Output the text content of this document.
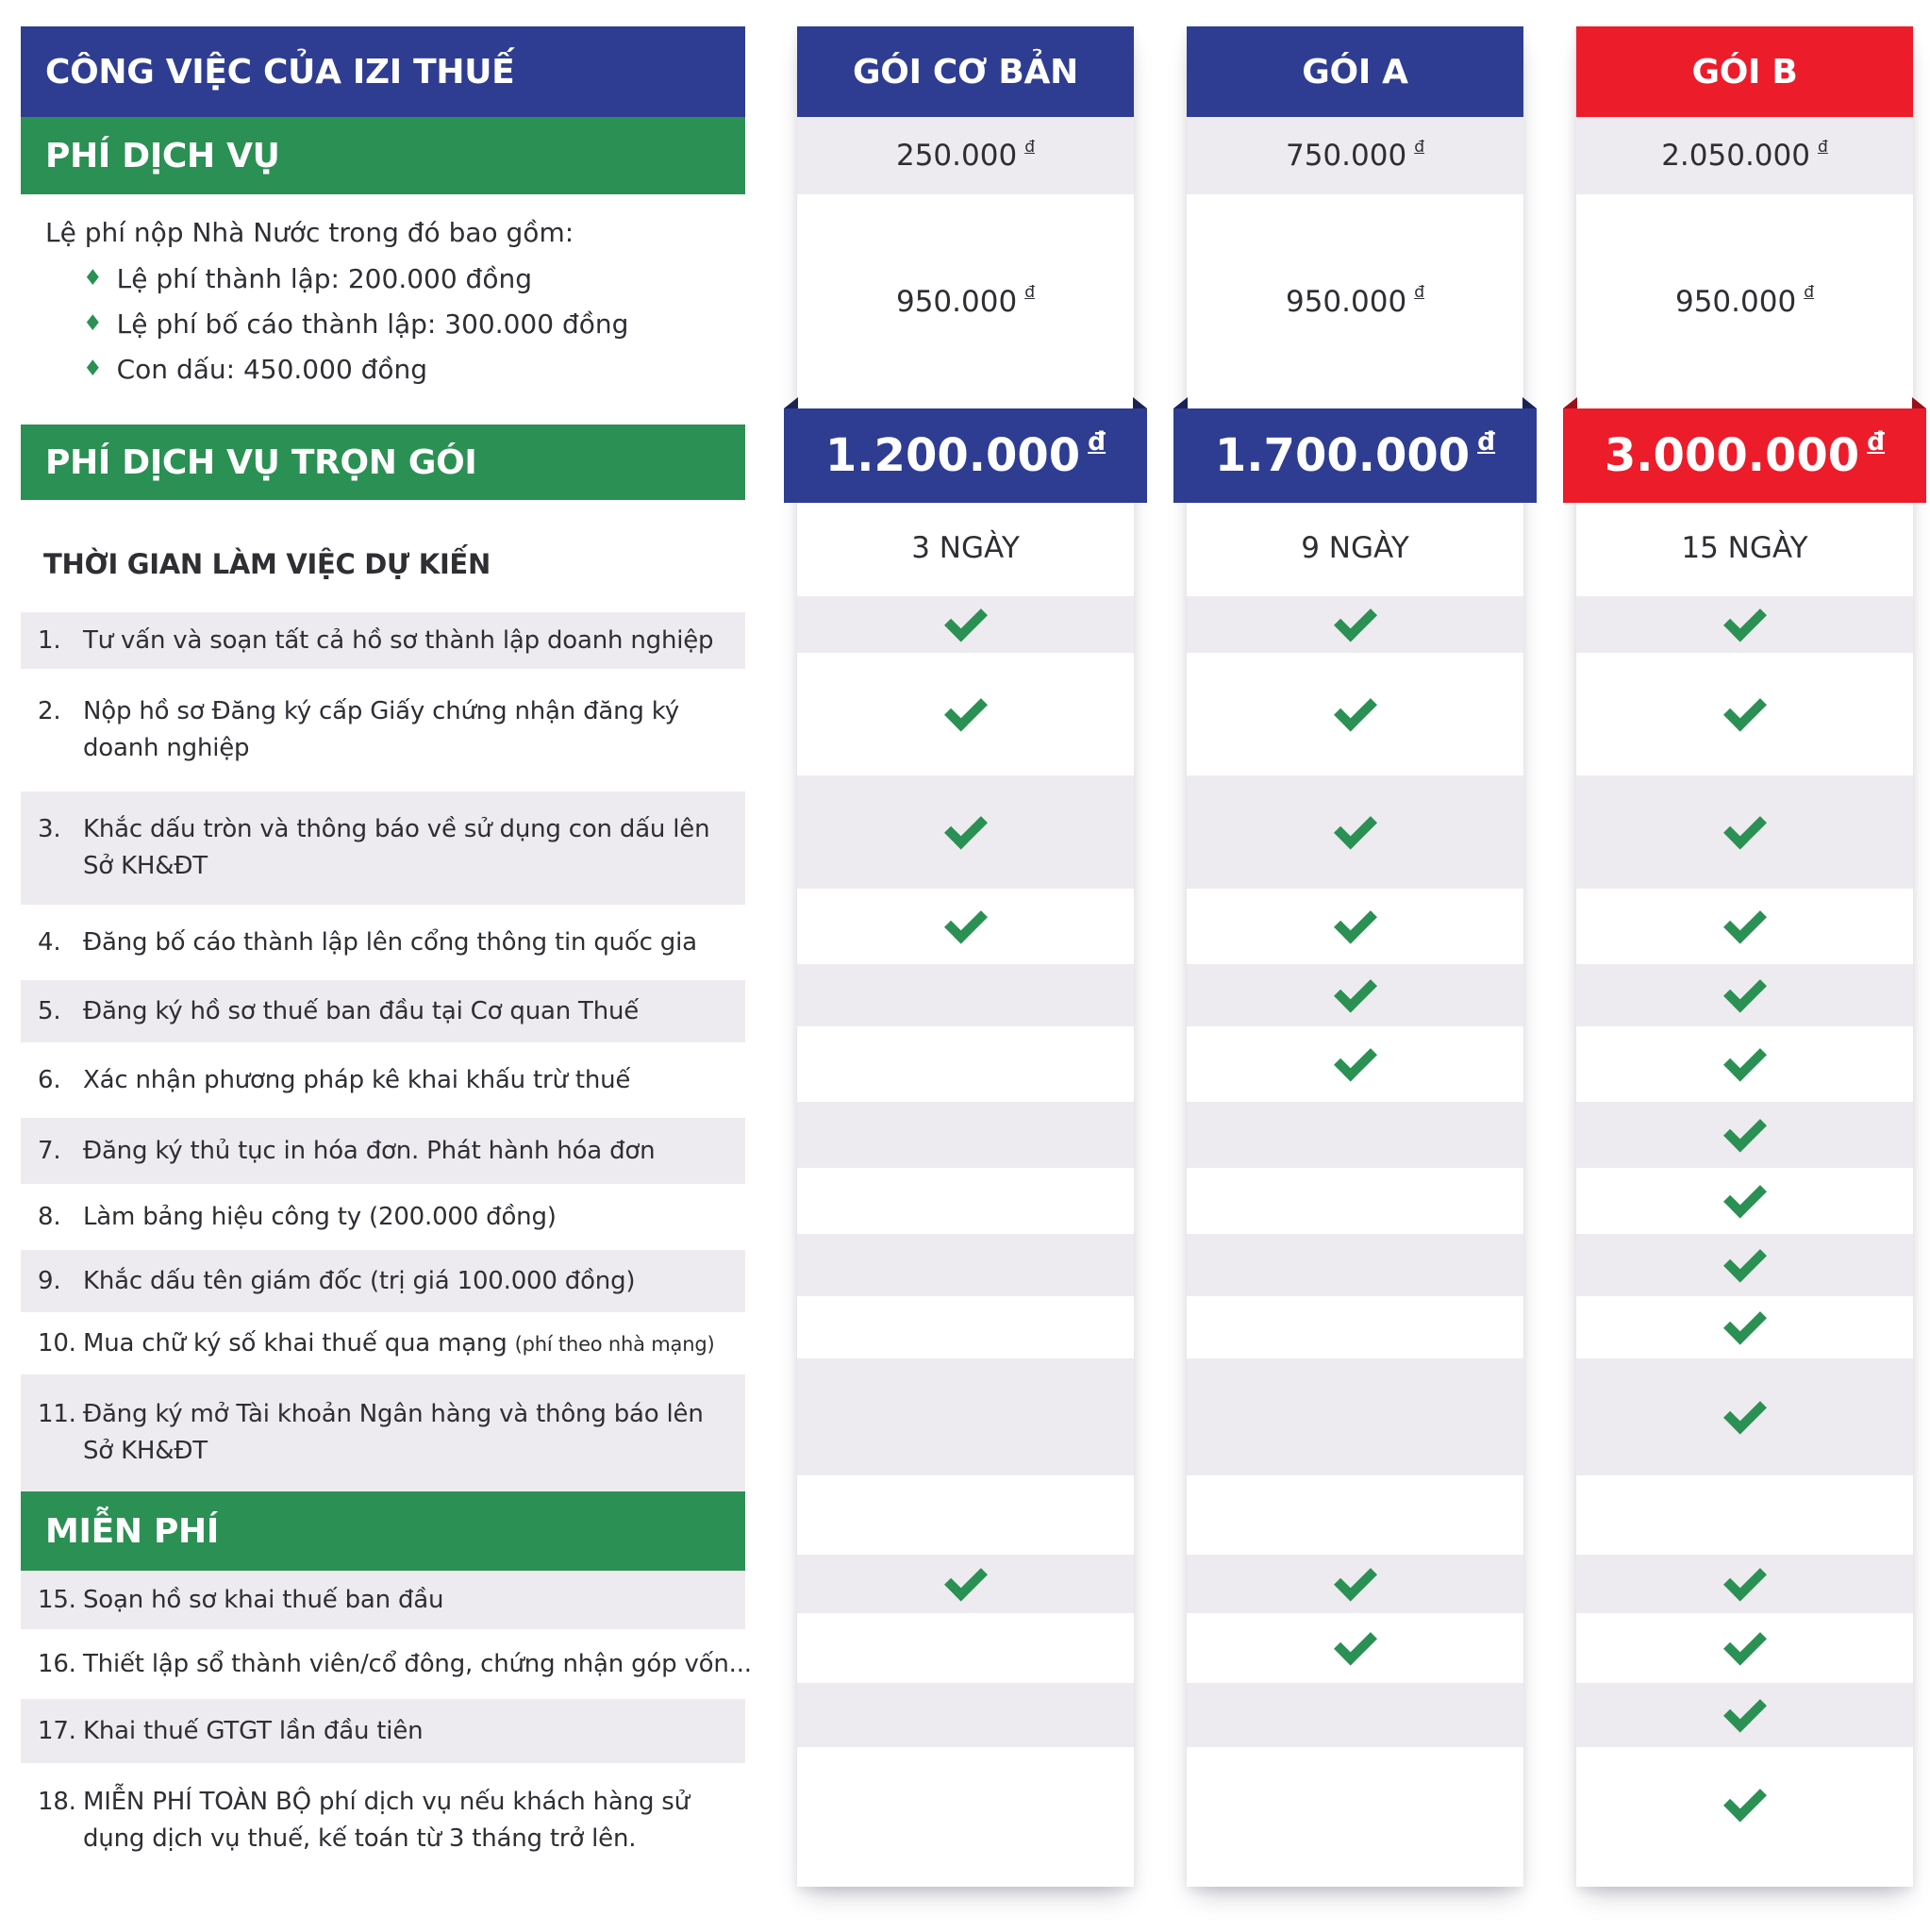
CÔNG VIỆC CỦA IZI THUẾ
PHÍ DỊCH VỤ
Lệ phí nộp Nhà Nước trong đó bao gồm:
♦ Lệ phí thành lập: 200.000 đồng
♦ Lệ phí bố cáo thành lập: 300.000 đồng
♦ Con dấu: 450.000 đồng
PHÍ DỊCH VỤ TRỌN GÓI
THỜI GIAN LÀM VIỆC DỰ KIẾN
1. Tư vấn và soạn tất cả hồ sơ thành lập doanh nghiệp
2. Nộp hồ sơ Đăng ký cấp Giấy chứng nhận đăng ký doanh nghiệp
3. Khắc dấu tròn và thông báo về sử dụng con dấu lên Sở KH&ĐT
4. Đăng bố cáo thành lập lên cổng thông tin quốc gia
5. Đăng ký hồ sơ thuế ban đầu tại Cơ quan Thuế
6. Xác nhận phương pháp kê khai khấu trừ thuế
7. Đăng ký thủ tục in hóa đơn. Phát hành hóa đơn
8. Làm bảng hiệu công ty (200.000 đồng)
9. Khắc dấu tên giám đốc (trị giá 100.000 đồng)
10. Mua chữ ký số khai thuế qua mạng (phí theo nhà mạng)
11. Đăng ký mở Tài khoản Ngân hàng và thông báo lên Sở KH&ĐT
MIỄN PHÍ
15. Soạn hồ sơ khai thuế ban đầu
16. Thiết lập sổ thành viên/cổ đông, chứng nhận góp vốn...
17. Khai thuế GTGT lần đầu tiên
18. MIỄN PHÍ TOÀN BỘ phí dịch vụ nếu khách hàng sử dụng dịch vụ thuế, kế toán từ 3 tháng trở lên.
GÓI CƠ BẢN
250.000 đ
950.000 đ
1.200.000 đ
3 NGÀY
GÓI A
750.000 đ
950.000 đ
1.700.000 đ
9 NGÀY
GÓI B
2.050.000 đ
950.000 đ
3.000.000 đ
15 NGÀY
